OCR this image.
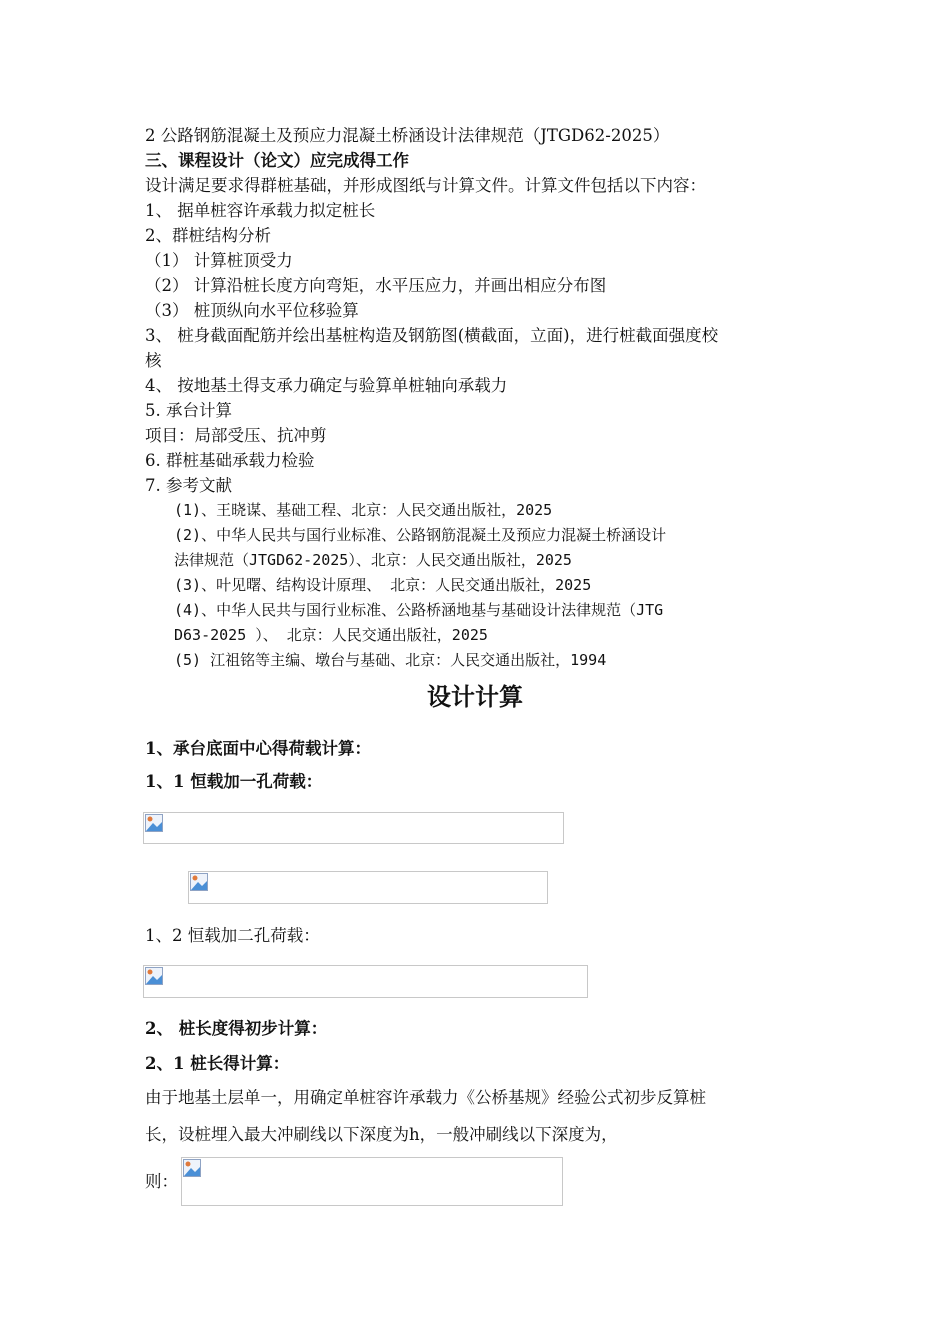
2 公路钢筋混凝土及预应力混凝土桥涵设计法律规范（JTGD62-2025）
三、课程设计（论文）应完成得工作
设计满足要求得群桩基础，并形成图纸与计算文件。计算文件包括以下内容：
1、 据单桩容许承载力拟定桩长
2、群桩结构分析
（1） 计算桩顶受力
（2） 计算沿桩长度方向弯矩，水平压应力，并画出相应分布图
（3） 桩顶纵向水平位移验算
3、 桩身截面配筋并绘出基桩构造及钢筋图(横截面，立面)，进行桩截面强度校
核
4、 按地基土得支承力确定与验算单桩轴向承载力
5. 承台计算
项目：局部受压、抗冲剪
6. 群桩基础承载力检验
7. 参考文献
(1)、王晓谋、基础工程、北京：人民交通出版社，2025
(2)、中华人民共与国行业标准、公路钢筋混凝土及预应力混凝土桥涵设计
法律规范（JTGD62-2025）、北京：人民交通出版社，2025
(3)、叶见曙、结构设计原理、 北京：人民交通出版社，2025
(4)、中华人民共与国行业标准、公路桥涵地基与基础设计法律规范（JTG
D63-2025 ）、 北京：人民交通出版社，2025
(5) 江祖铭等主编、墩台与基础、北京：人民交通出版社，1994
设计计算
1、承台底面中心得荷载计算：
1、1 恒载加一孔荷载：
1、2 恒载加二孔荷载：
2、 桩长度得初步计算：
2、1 桩长得计算：
由于地基土层单一，用确定单桩容许承载力《公桥基规》经验公式初步反算桩
长，设桩埋入最大冲刷线以下深度为h，一般冲刷线以下深度为，
则：
